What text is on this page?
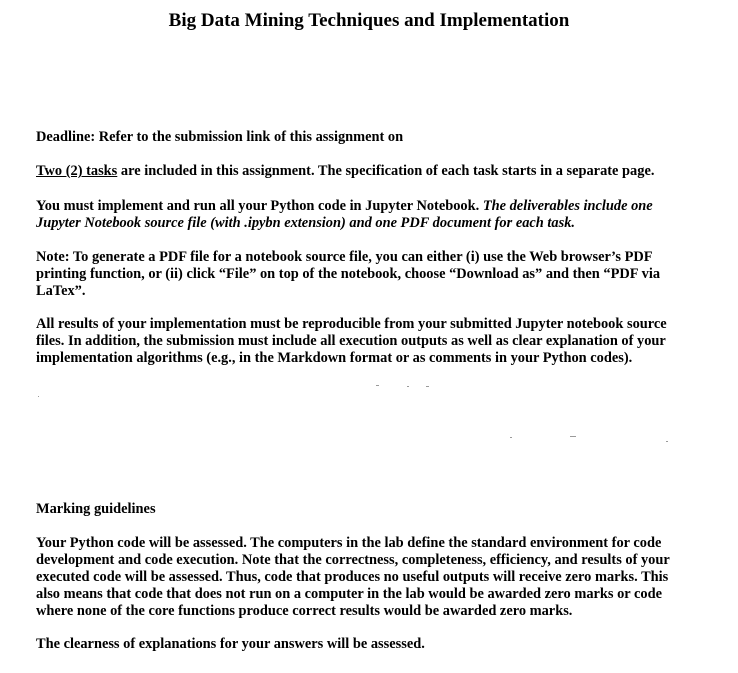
Big Data Mining Techniques and Implementation
Deadline: Refer to the submission link of this assignment on
Two (2) tasks are included in this assignment. The specification of each task starts in a separate page.
You must implement and run all your Python code in Jupyter Notebook. The deliverables include one Jupyter Notebook source file (with .ipybn extension) and one PDF document for each task.
Note: To generate a PDF file for a notebook source file, you can either (i) use the Web browser’s PDF printing function, or (ii) click “File” on top of the notebook, choose “Download as” and then “PDF via LaTex”.
All results of your implementation must be reproducible from your submitted Jupyter notebook source files. In addition, the submission must include all execution outputs as well as clear explanation of your implementation algorithms (e.g., in the Markdown format or as comments in your Python codes).
Marking guidelines
Your Python code will be assessed. The computers in the lab define the standard environment for code development and code execution. Note that the correctness, completeness, efficiency, and results of your executed code will be assessed. Thus, code that produces no useful outputs will receive zero marks. This also means that code that does not run on a computer in the lab would be awarded zero marks or code where none of the core functions produce correct results would be awarded zero marks.
The clearness of explanations for your answers will be assessed.
